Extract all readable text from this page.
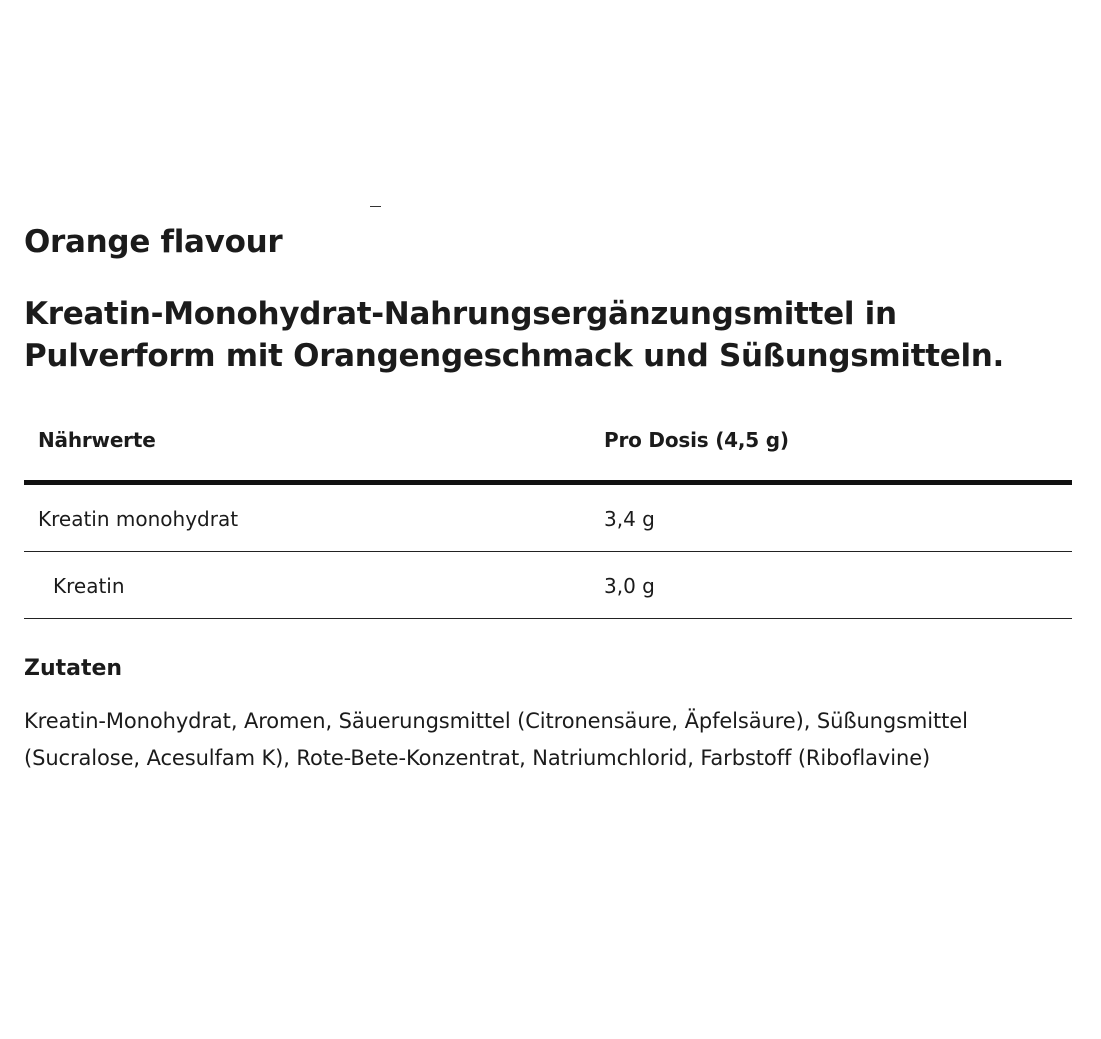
Orange flavour
Kreatin-Monohydrat-Nahrungsergänzungsmittel in Pulverform mit Orangengeschmack und Süßungsmitteln.
Nährwerte	Pro Dosis (4,5 g)
Kreatin monohydrat	3,4 g
Kreatin	3,0 g
Zutaten

Kreatin-Monohydrat, Aromen, Säuerungsmittel (Citronensäure, Äpfelsäure), Süßungsmittel (Sucralose, Acesulfam K), Rote-Bete-Konzentrat, Natriumchlorid, Farbstoff (Riboflavine)
